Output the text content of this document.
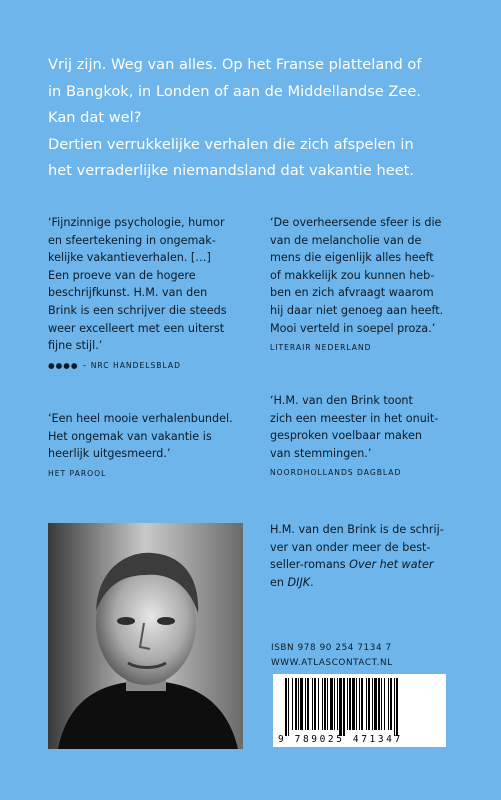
Vrij zijn. Weg van alles. Op het Franse platteland of
in Bangkok, in Londen of aan de Middellandse Zee.
Kan dat wel?
Dertien verrukkelijke verhalen die zich afspelen in
het verraderlijke niemandsland dat vakantie heet.
‘Fijnzinnige psychologie, humor
en sfeertekening in ongemak-
kelijke vakantieverhalen. […]
Een proeve van de hogere
beschrijfkunst. H.M. van den
Brink is een schrijver die steeds
weer excelleert met een uiterst
fijne stijl.’
●●●● – NRC HANDELSBLAD
‘De overheersende sfeer is die
van de melancholie van de
mens die eigenlijk alles heeft
of makkelijk zou kunnen heb-
ben en zich afvraagt waarom
hij daar niet genoeg aan heeft.
Mooi verteld in soepel proza.’
LITERAIR NEDERLAND
‘Een heel mooie verhalenbundel.
Het ongemak van vakantie is
heerlijk uitgesmeerd.’
HET PAROOL
‘H.M. van den Brink toont
zich een meester in het onuit-
gesproken voelbaar maken
van stemmingen.’
NOORDHOLLANDS DAGBLAD
H.M. van den Brink is de schrij-
ver van onder meer de best-
seller-romans Over het water
en DIJK.
ISBN 978 90 254 7134 7
WWW.ATLASCONTACT.NL
9 789025 471347
